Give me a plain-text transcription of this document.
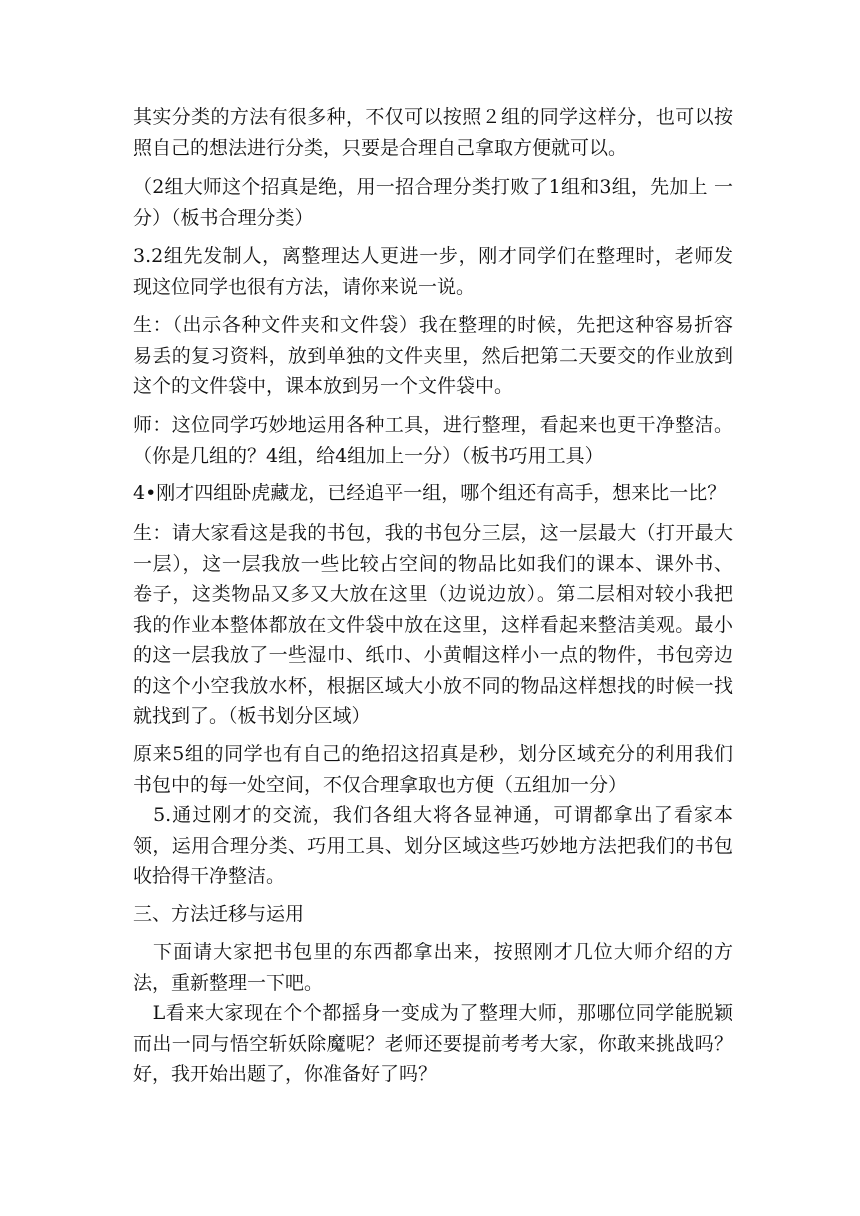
其实分类的方法有很多种，不仅可以按照２组的同学这样分，也可以按 照自己的想法进行分类，只要是合理自己拿取方便就可以。

（2组大师这个招真是绝，用一招合理分类打败了1组和3组，先加上 一分）（板书合理分类）

3.2组先发制人，离整理达人更进一步，刚才同学们在整理时，老师发 现这位同学也很有方法，请你来说一说。

生：（出示各种文件夹和文件袋）我在整理的时候，先把这种容易折容 易丢的复习资料，放到单独的文件夹里，然后把第二天要交的作业放到 这个的文件袋中，课本放到另一个文件袋中。

师：这位同学巧妙地运用各种工具，进行整理，看起来也更干净整洁。（你是几组的？4组，给4组加上一分）（板书巧用工具）

4•刚才四组卧虎藏龙，已经追平一组，哪个组还有高手，想来比一比？

生：请大家看这是我的书包，我的书包分三层，这一层最大（打开最大 一层），这一层我放一些比较占空间的物品比如我们的课本、课外书、 卷子，这类物品又多又大放在这里（边说边放）。第二层相对较小我把 我的作业本整体都放在文件袋中放在这里，这样看起来整洁美观。最小 的这一层我放了一些湿巾、纸巾、小黄帽这样小一点的物件，书包旁边 的这个小空我放水杯，根据区域大小放不同的物品这样想找的时候一找 就找到了。（板书划分区域）

原来5组的同学也有自己的绝招这招真是秒，划分区域充分的利用我们 书包中的每一处空间，不仅合理拿取也方便（五组加一分）

　5.通过刚才的交流，我们各组大将各显神通，可谓都拿出了看家本领，运用合理分类、巧用工具、划分区域这些巧妙地方法把我们的书包 收拾得干净整洁。

三、方法迁移与运用

　下面请大家把书包里的东西都拿出来，按照刚才几位大师介绍的方法，重新整理一下吧。

　L看来大家现在个个都摇身一变成为了整理大师，那哪位同学能脱颖而出一同与悟空斩妖除魔呢？老师还要提前考考大家，你敢来挑战吗？ 好，我开始出题了，你准备好了吗？
